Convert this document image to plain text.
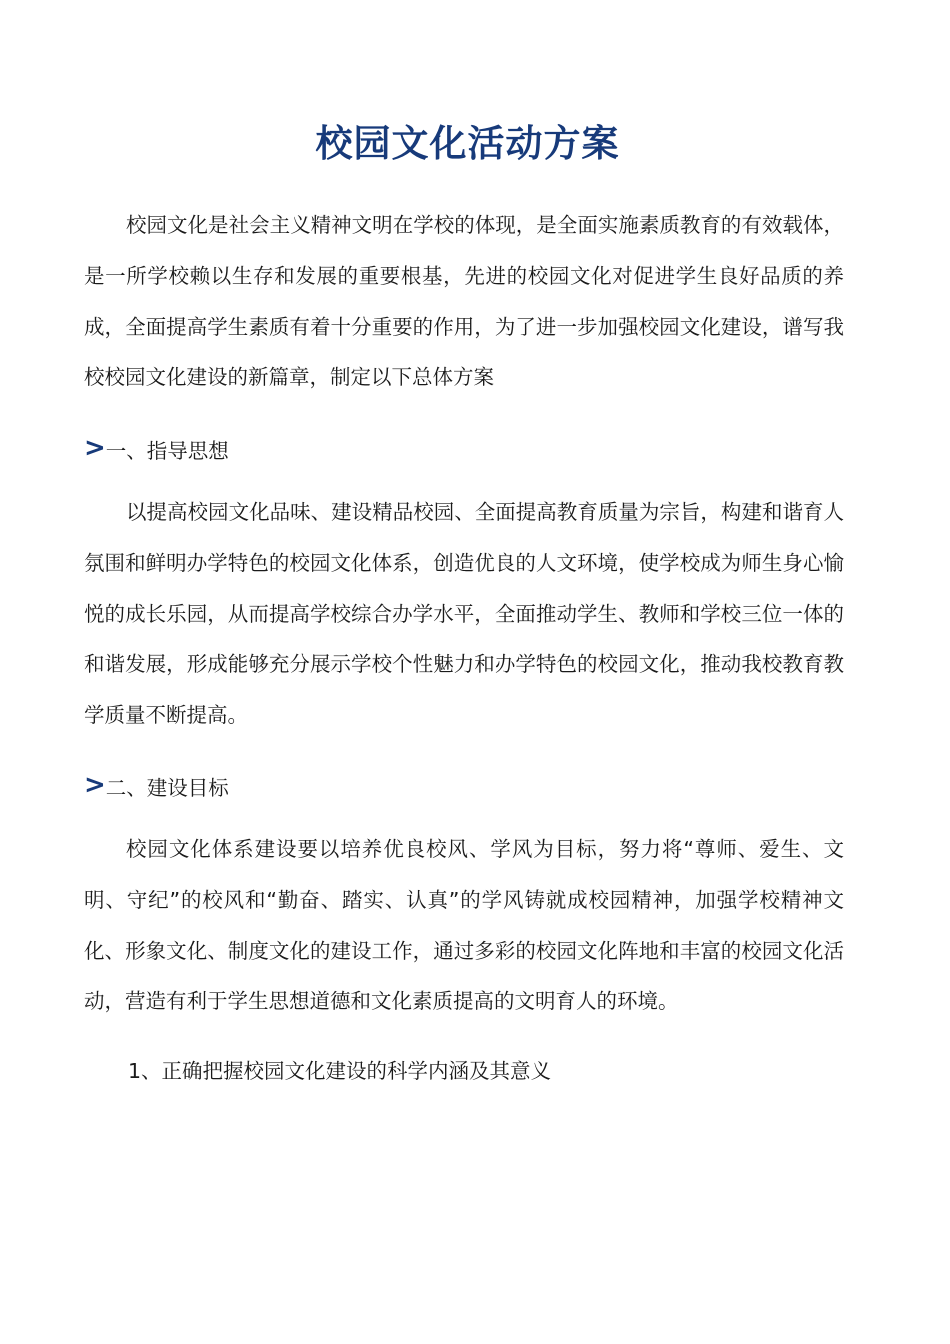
校园文化活动方案

校园文化是社会主义精神文明在学校的体现，是全面实施素质教育的有效载体，是一所学校赖以生存和发展的重要根基，先进的校园文化对促进学生良好品质的养成，全面提高学生素质有着十分重要的作用，为了进一步加强校园文化建设，谱写我校校园文化建设的新篇章，制定以下总体方案

> 一、指导思想

以提高校园文化品味、建设精品校园、全面提高教育质量为宗旨，构建和谐育人氛围和鲜明办学特色的校园文化体系，创造优良的人文环境，使学校成为师生身心愉悦的成长乐园，从而提高学校综合办学水平，全面推动学生、教师和学校三位一体的和谐发展，形成能够充分展示学校个性魅力和办学特色的校园文化，推动我校教育教学质量不断提高。

> 二、建设目标

校园文化体系建设要以培养优良校风、学风为目标，努力将“尊师、爱生、文明、守纪”的校风和“勤奋、踏实、认真”的学风铸就成校园精神，加强学校精神文化、形象文化、制度文化的建设工作，通过多彩的校园文化阵地和丰富的校园文化活动，营造有利于学生思想道德和文化素质提高的文明育人的环境。

1、正确把握校园文化建设的科学内涵及其意义
